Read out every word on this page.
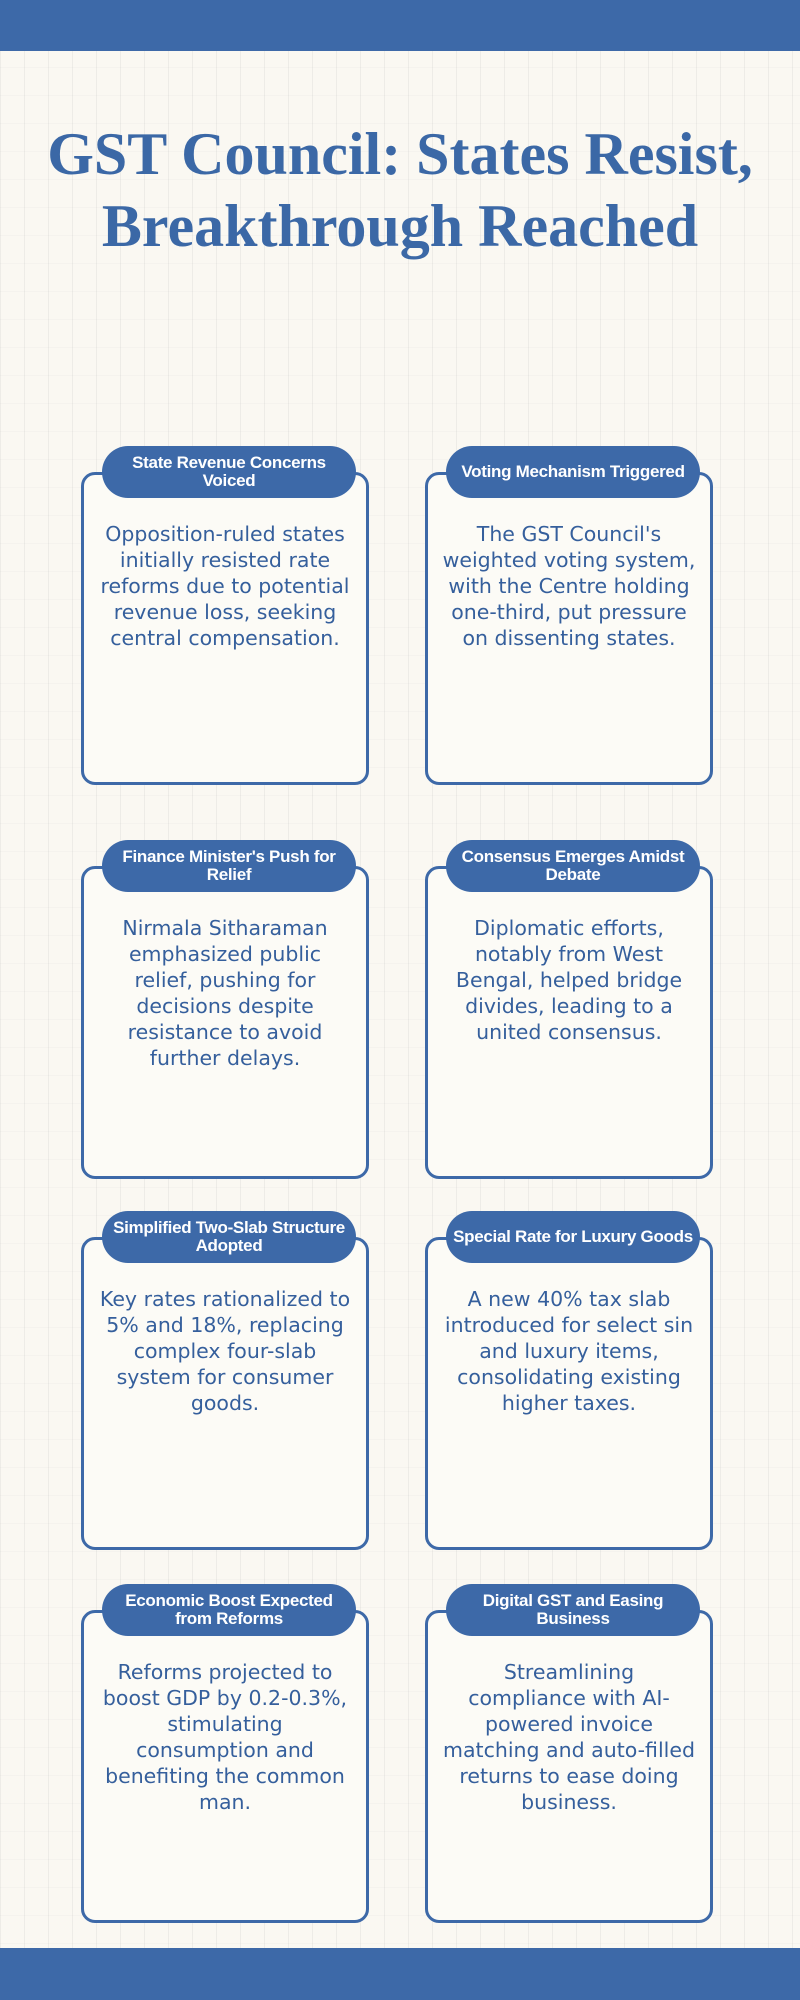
GST Council: States Resist,
Breakthrough Reached
State Revenue Concerns Voiced

Opposition-ruled states initially resisted rate reforms due to potential revenue loss, seeking central compensation.

Voting Mechanism Triggered

The GST Council's weighted voting system, with the Centre holding one-third, put pressure on dissenting states.

Finance Minister's Push for Relief

Nirmala Sitharaman emphasized public relief, pushing for decisions despite resistance to avoid further delays.

Consensus Emerges Amidst Debate

Diplomatic efforts, notably from West Bengal, helped bridge divides, leading to a united consensus.

Simplified Two-Slab Structure Adopted

Key rates rationalized to 5% and 18%, replacing complex four-slab system for consumer goods.

Special Rate for Luxury Goods

A new 40% tax slab introduced for select sin and luxury items, consolidating existing higher taxes.

Economic Boost Expected from Reforms

Reforms projected to boost GDP by 0.2-0.3%, stimulating consumption and benefiting the common man.

Digital GST and Easing Business

Streamlining compliance with AI-powered invoice matching and auto-filled returns to ease doing business.
